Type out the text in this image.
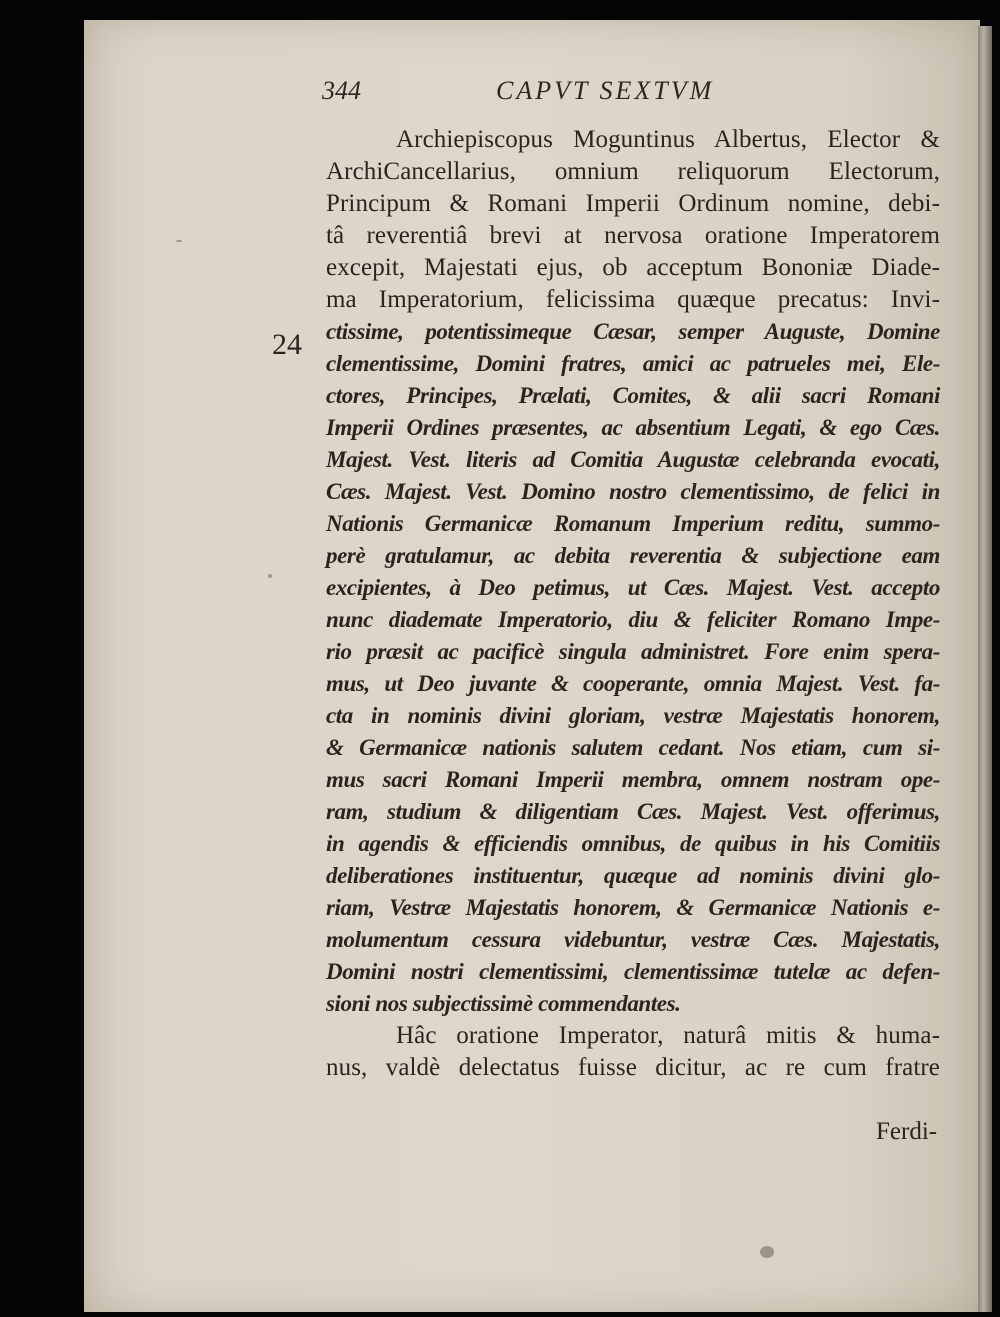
344	CAPVT SEXTVM
24
Archiepiscopus Moguntinus Albertus, Elector &
ArchiCancellarius, omnium reliquorum Electorum,
Principum & Romani Imperii Ordinum nomine, debi-
tâ reverentiâ brevi at nervosa oratione Imperatorem
excepit, Majestati ejus, ob acceptum Bononiæ Diade-
ma Imperatorium, felicissima quæque precatus: Invi-
ctissime, potentissimeque Cæsar, semper Auguste, Domine
clementissime, Domini fratres, amici ac patrueles mei, Ele-
ctores, Principes, Prælati, Comites, & alii sacri Romani
Imperii Ordines præsentes, ac absentium Legati, & ego Cæs.
Majest. Vest. literis ad Comitia Augustæ celebranda evocati,
Cæs. Majest. Vest. Domino nostro clementissimo, de felici in
Nationis Germanicæ Romanum Imperium reditu, summo-
perè gratulamur, ac debita reverentia & subjectione eam
excipientes, à Deo petimus, ut Cæs. Majest. Vest. accepto
nunc diademate Imperatorio, diu & feliciter Romano Impe-
rio præsit ac pacificè singula administret. Fore enim spera-
mus, ut Deo juvante & cooperante, omnia Majest. Vest. fa-
cta in nominis divini gloriam, vestræ Majestatis honorem,
& Germanicæ nationis salutem cedant. Nos etiam, cum si-
mus sacri Romani Imperii membra, omnem nostram ope-
ram, studium & diligentiam Cæs. Majest. Vest. offerimus,
in agendis & efficiendis omnibus, de quibus in his Comitiis
deliberationes instituentur, quæque ad nominis divini glo-
riam, Vestræ Majestatis honorem, & Germanicæ Nationis e-
molumentum cessura videbuntur, vestræ Cæs. Majestatis,
Domini nostri clementissimi, clementissimæ tutelæ ac defen-
sioni nos subjectissimè commendantes.
Hâc oratione Imperator, naturâ mitis & huma-
nus, valdè delectatus fuisse dicitur, ac re cum fratre
Ferdi-
